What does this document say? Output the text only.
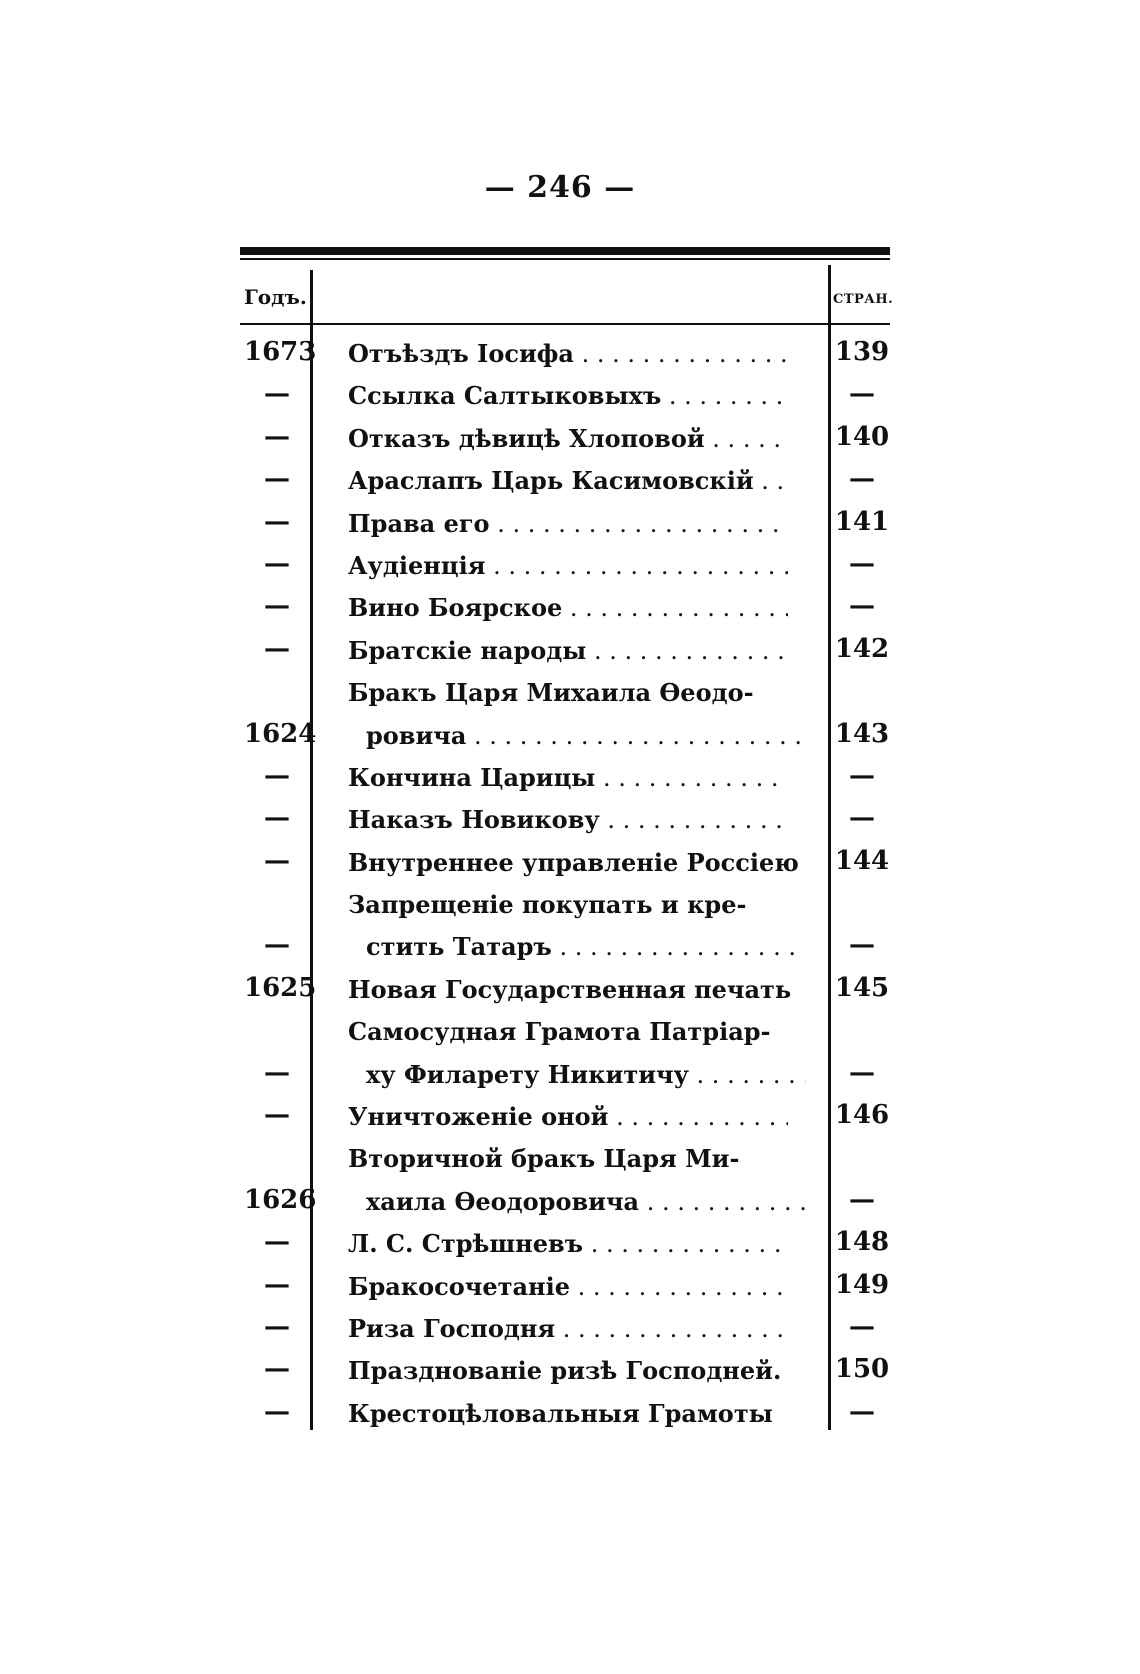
— 246 —
Годъ.	СТРАН.
1673 Отъѣздъ Іосифа . . .	139
—	Ссылка Салтыковыхъ . . .	—
—	Отказъ дѣвицѣ Хлоповой . . .	140
—	Араслапъ Царь Касимовскій . . .	—
—	Права его . . .	141
—	Аудіенція . . .	—
—	Вино Боярское . . .	—
—	Братскіе народы . . .	142
Бракъ Царя Михаила Ѳеодо-
1624 ровича . . .	143
—	Кончина Царицы . . .	—
—	Наказъ Новикову . . .	—
—	Внутреннее управленіе Россіею	144
Запрещеніе покупать и кре-
—	стить Татаръ . . .	—
1625 Новая Государственная печать	145
Самосудная Грамота Патріар-
—	ху Филарету Никитичу . . .	—
—	Уничтоженіе оной . . .	146
Вторичной бракъ Царя Ми-
1626 хаила Ѳеодоровича . . .	—
—	Л. С. Стрѣшневъ . . .	148
—	Бракосочетаніе . . .	149
—	Риза Господня . . .	—
—	Празднованіе ризѣ Господней.	150
—	Крестоцѣловальныя Грамоты	—
